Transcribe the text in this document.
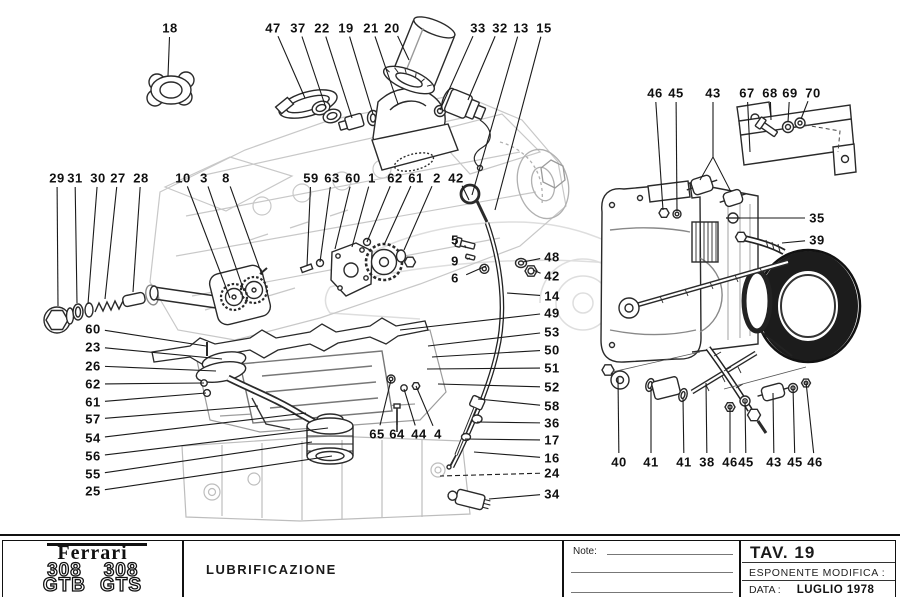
18	47 37 22 19 21 20	33 32 13 15
29 31 30 27 28 10 3 8	59 63 60 1 62 61 2 42
5
9
6
48
42
14
49
53
50
51
52
58
36
17
16
24
34
60
23
26
62
61
57
54
56
55
25
65 64 44 4
46 45 43 67 68 69 70
35
39
40 41 41 38 46 45 43 45 46
Ferrari
308
GTB
308
GTS
LUBRIFICAZIONE
Note:	TAV. 19
ESPONENTE MODIFICA :
DATA : LUGLIO 1978
